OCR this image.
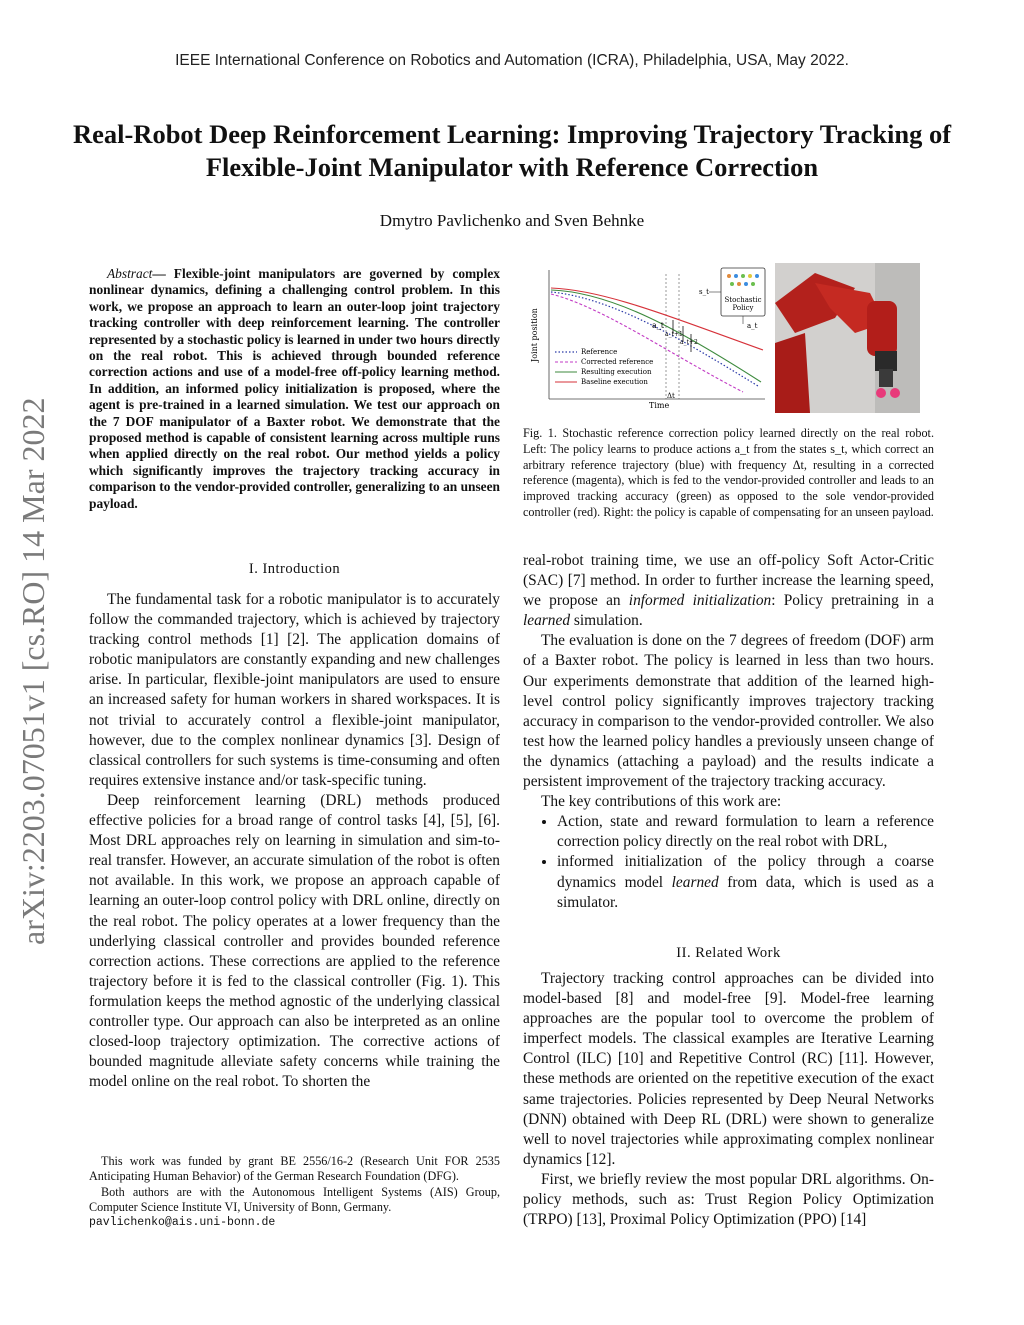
IEEE International Conference on Robotics and Automation (ICRA), Philadelphia, USA, May 2022.
Real-Robot Deep Reinforcement Learning: Improving Trajectory Tracking of Flexible-Joint Manipulator with Reference Correction
Dmytro Pavlichenko and Sven Behnke
arXiv:2203.07051v1 [cs.RO] 14 Mar 2022
Abstract— Flexible-joint manipulators are governed by complex nonlinear dynamics, defining a challenging control problem. In this work, we propose an approach to learn an outer-loop joint trajectory tracking controller with deep reinforcement learning. The controller represented by a stochastic policy is learned in under two hours directly on the real robot. This is achieved through bounded reference correction actions and use of a model-free off-policy learning method. In addition, an informed policy initialization is proposed, where the agent is pre-trained in a learned simulation. We test our approach on the 7 DOF manipulator of a Baxter robot. We demonstrate that the proposed method is capable of consistent learning across multiple runs when applied directly on the real robot. Our method yields a policy which significantly improves the trajectory tracking accuracy in comparison to the vendor-provided controller, generalizing to an unseen payload.
I. Introduction

The fundamental task for a robotic manipulator is to accurately follow the commanded trajectory, which is achieved by trajectory tracking control methods [1] [2]. The application domains of robotic manipulators are constantly expanding and new challenges arise. In particular, flexible-joint manipulators are used to ensure an increased safety for human workers in shared workspaces. It is not trivial to accurately control a flexible-joint manipulator, however, due to the complex nonlinear dynamics [3]. Design of classical controllers for such systems is time-consuming and often requires extensive instance and/or task-specific tuning.

Deep reinforcement learning (DRL) methods produced effective policies for a broad range of control tasks [4], [5], [6]. Most DRL approaches rely on learning in simulation and sim-to-real transfer. However, an accurate simulation of the robot is often not available. In this work, we propose an approach capable of learning an outer-loop control policy with DRL online, directly on the real robot. The policy operates at a lower frequency than the underlying classical controller and provides bounded reference correction actions. These corrections are applied to the reference trajectory before it is fed to the classical controller (Fig. 1). This formulation keeps the method agnostic of the underlying classical controller type. Our approach can also be interpreted as an online closed-loop trajectory optimization. The corrective actions of bounded magnitude alleviate safety concerns while training the model online on the real robot. To shorten the

This work was funded by grant BE 2556/16-2 (Research Unit FOR 2535 Anticipating Human Behavior) of the German Research Foundation (DFG).

Both authors are with the Autonomous Intelligent Systems (AIS) Group, Computer Science Institute VI, University of Bonn, Germany.

pavlichenko@ais.uni-bonn.de
a_t
a_t+1
a_t+2
Stochastic
Policy
s_t
a_t
Joint position
Time
Δt
Reference
Corrected reference
Resulting execution
Baseline execution
Fig. 1. Stochastic reference correction policy learned directly on the real robot. Left: The policy learns to produce actions a_t from the states s_t, which correct an arbitrary reference trajectory (blue) with frequency Δt, resulting in a corrected reference (magenta), which is fed to the vendor-provided controller and leads to an improved tracking accuracy (green) as opposed to the sole vendor-provided controller (red). Right: the policy is capable of compensating for an unseen payload.

real-robot training time, we use an off-policy Soft Actor-Critic (SAC) [7] method. In order to further increase the learning speed, we propose an informed initialization: Policy pretraining in a learned simulation.

The evaluation is done on the 7 degrees of freedom (DOF) arm of a Baxter robot. The policy is learned in less than two hours. Our experiments demonstrate that addition of the learned high-level control policy significantly improves trajectory tracking accuracy in comparison to the vendor-provided controller. We also test how the learned policy handles a previously unseen change of the dynamics (attaching a payload) and the results indicate a persistent improvement of the trajectory tracking accuracy.

The key contributions of this work are:

• Action, state and reward formulation to learn a reference correction policy directly on the real robot with DRL,
• informed initialization of the policy through a coarse dynamics model learned from data, which is used as a simulator.
II. Related Work

Trajectory tracking control approaches can be divided into model-based [8] and model-free [9]. Model-free learning approaches are the popular tool to overcome the problem of imperfect models. The classical examples are Iterative Learning Control (ILC) [10] and Repetitive Control (RC) [11]. However, these methods are oriented on the repetitive execution of the exact same trajectories. Policies represented by Deep Neural Networks (DNN) obtained with Deep RL (DRL) were shown to generalize well to novel trajectories while approximating complex nonlinear dynamics [12].

First, we briefly review the most popular DRL algorithms. On-policy methods, such as: Trust Region Policy Optimization (TRPO) [13], Proximal Policy Optimization (PPO) [14]
